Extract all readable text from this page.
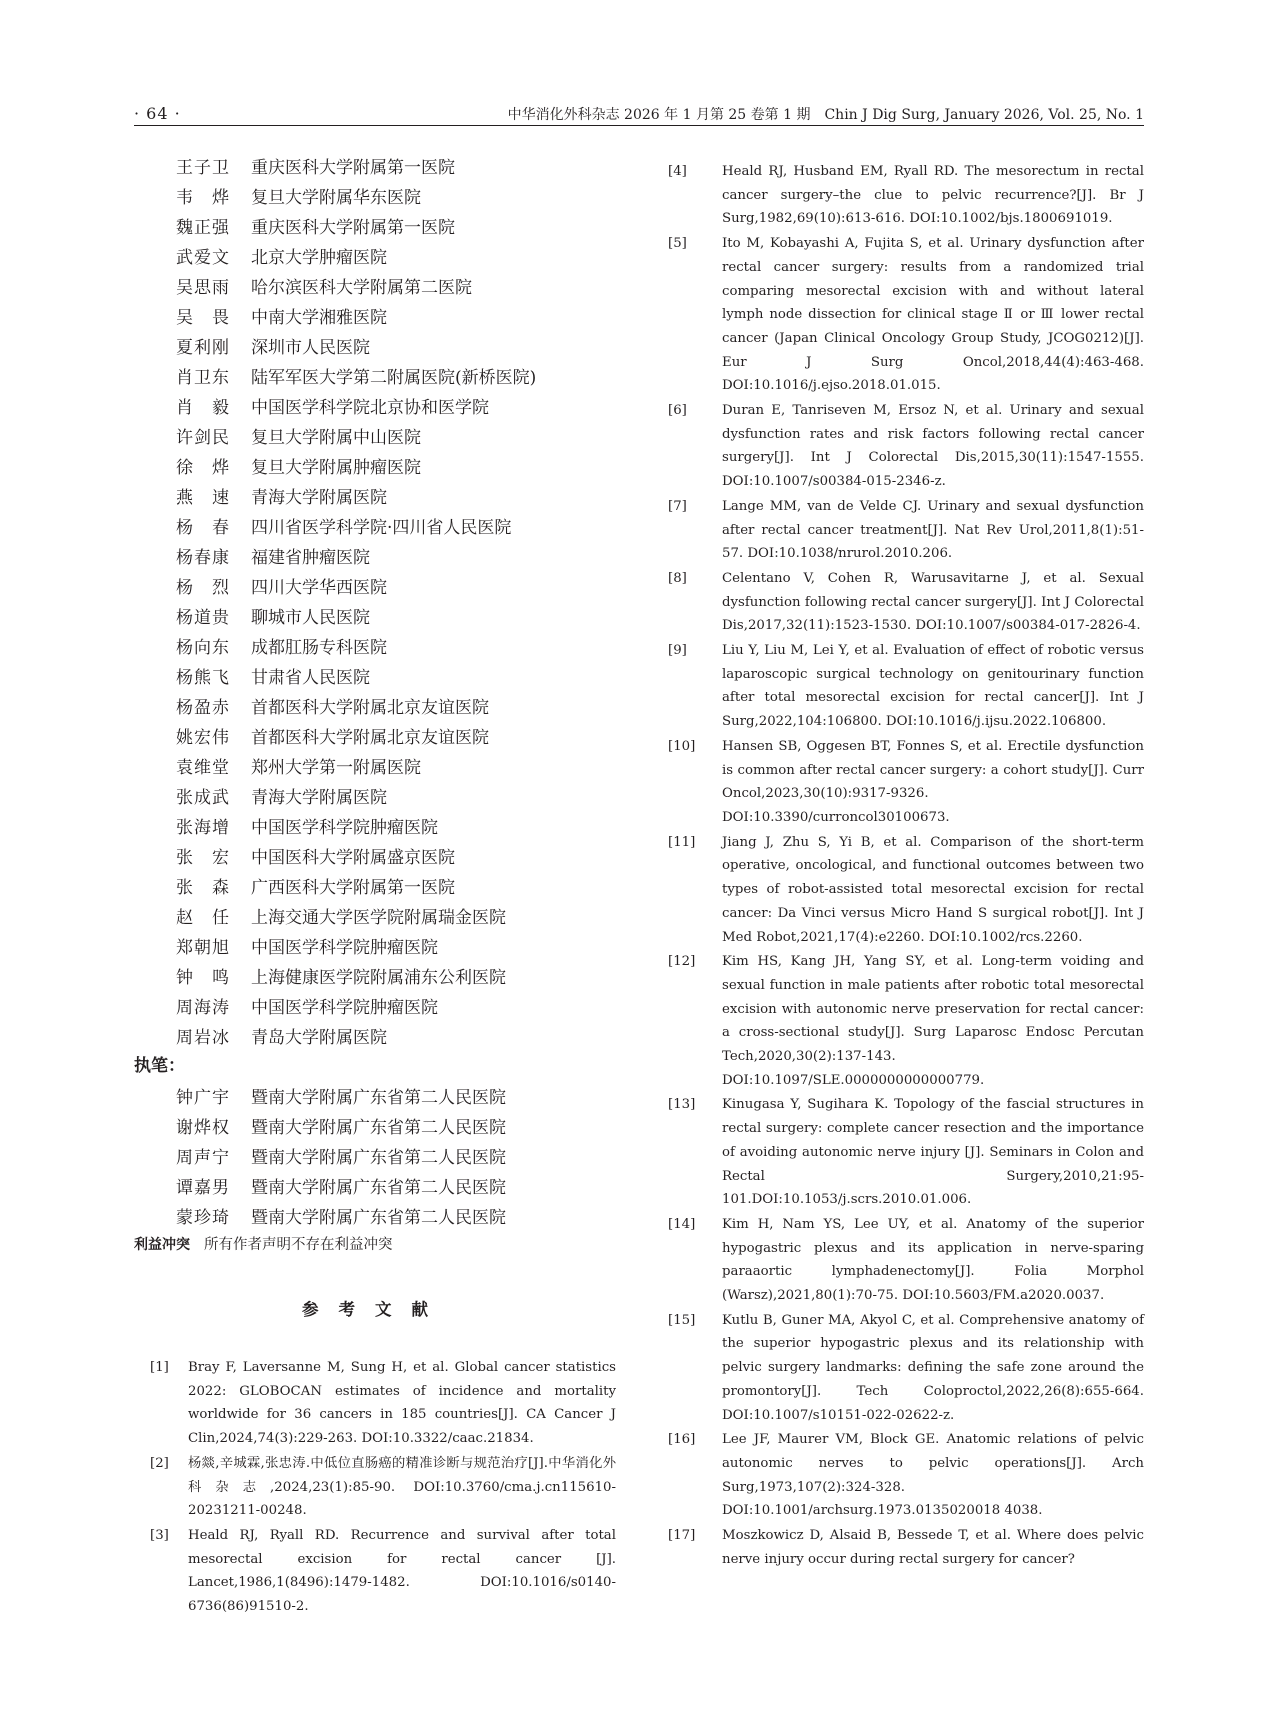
· 64 ·	中华消化外科杂志 2026 年 1 月第 25 卷第 1 期　Chin J Dig Surg, January 2026, Vol. 25, No. 1
王子卫	重庆医科大学附属第一医院
韦　烨	复旦大学附属华东医院
魏正强	重庆医科大学附属第一医院
武爱文	北京大学肿瘤医院
吴思雨	哈尔滨医科大学附属第二医院
吴　畏	中南大学湘雅医院
夏利刚	深圳市人民医院
肖卫东	陆军军医大学第二附属医院(新桥医院)
肖　毅	中国医学科学院北京协和医学院
许剑民	复旦大学附属中山医院
徐　烨	复旦大学附属肿瘤医院
燕　速	青海大学附属医院
杨　春	四川省医学科学院·四川省人民医院
杨春康	福建省肿瘤医院
杨　烈	四川大学华西医院
杨道贵	聊城市人民医院
杨向东	成都肛肠专科医院
杨熊飞	甘肃省人民医院
杨盈赤	首都医科大学附属北京友谊医院
姚宏伟	首都医科大学附属北京友谊医院
袁维堂	郑州大学第一附属医院
张成武	青海大学附属医院
张海增	中国医学科学院肿瘤医院
张　宏	中国医科大学附属盛京医院
张　森	广西医科大学附属第一医院
赵　任	上海交通大学医学院附属瑞金医院
郑朝旭	中国医学科学院肿瘤医院
钟　鸣	上海健康医学院附属浦东公利医院
周海涛	中国医学科学院肿瘤医院
周岩冰	青岛大学附属医院
执笔：
钟广宇	暨南大学附属广东省第二人民医院
谢烨权	暨南大学附属广东省第二人民医院
周声宁	暨南大学附属广东省第二人民医院
谭嘉男	暨南大学附属广东省第二人民医院
蒙珍琦	暨南大学附属广东省第二人民医院
利益冲突 所有作者声明不存在利益冲突
参考文献
[1]	Bray F, Laversanne M, Sung H, et al. Global cancer statistics 2022: GLOBOCAN estimates of incidence and mortality worldwide for 36 cancers in 185 countries[J]. CA Cancer J Clin,2024,74(3):229-263. DOI:10.3322/caac.21834.
[2]	杨燚,辛城霖,张忠涛.中低位直肠癌的精准诊断与规范治疗[J].中华消化外科杂志,2024,23(1):85-90. DOI:10.3760/cma.j.cn115610-20231211-00248.
[3]	Heald RJ, Ryall RD. Recurrence and survival after total mesorectal excision for rectal cancer [J]. Lancet,1986,1(8496):1479-1482. DOI:10.1016/s0140-6736(86)91510-2.
[4]	Heald RJ, Husband EM, Ryall RD. The mesorectum in rectal cancer surgery–the clue to pelvic recurrence?[J]. Br J Surg,1982,69(10):613-616. DOI:10.1002/bjs.1800691019.
[5]	Ito M, Kobayashi A, Fujita S, et al. Urinary dysfunction after rectal cancer surgery: results from a randomized trial comparing mesorectal excision with and without lateral lymph node dissection for clinical stage Ⅱ or Ⅲ lower rectal cancer (Japan Clinical Oncology Group Study, JCOG0212)[J]. Eur J Surg Oncol,2018,44(4):463-468. DOI:10.1016/j.ejso.2018.01.015.
[6]	Duran E, Tanriseven M, Ersoz N, et al. Urinary and sexual dysfunction rates and risk factors following rectal cancer surgery[J]. Int J Colorectal Dis,2015,30(11):1547-1555. DOI:10.1007/s00384-015-2346-z.
[7]	Lange MM, van de Velde CJ. Urinary and sexual dysfunction after rectal cancer treatment[J]. Nat Rev Urol,2011,8(1):51-57. DOI:10.1038/nrurol.2010.206.
[8]	Celentano V, Cohen R, Warusavitarne J, et al. Sexual dysfunction following rectal cancer surgery[J]. Int J Colorectal Dis,2017,32(11):1523-1530. DOI:10.1007/s00384-017-2826-4.
[9]	Liu Y, Liu M, Lei Y, et al. Evaluation of effect of robotic versus laparoscopic surgical technology on genitourinary function after total mesorectal excision for rectal cancer[J]. Int J Surg,2022,104:106800. DOI:10.1016/j.ijsu.2022.106800.
[10]	Hansen SB, Oggesen BT, Fonnes S, et al. Erectile dysfunction is common after rectal cancer surgery: a cohort study[J]. Curr Oncol,2023,30(10):9317-9326. DOI:10.3390/curroncol30100673.
[11]	Jiang J, Zhu S, Yi B, et al. Comparison of the short-term operative, oncological, and functional outcomes between two types of robot-assisted total mesorectal excision for rectal cancer: Da Vinci versus Micro Hand S surgical robot[J]. Int J Med Robot,2021,17(4):e2260. DOI:10.1002/rcs.2260.
[12]	Kim HS, Kang JH, Yang SY, et al. Long-term voiding and sexual function in male patients after robotic total mesorectal excision with autonomic nerve preservation for rectal cancer: a cross-sectional study[J]. Surg Laparosc Endosc Percutan Tech,2020,30(2):137-143. DOI:10.1097/SLE.0000000000000779.
[13]	Kinugasa Y, Sugihara K. Topology of the fascial structures in rectal surgery: complete cancer resection and the importance of avoiding autonomic nerve injury [J]. Seminars in Colon and Rectal Surgery,2010,21:95-101.DOI:10.1053/j.scrs.2010.01.006.
[14]	Kim H, Nam YS, Lee UY, et al. Anatomy of the superior hypogastric plexus and its application in nerve-sparing paraaortic lymphadenectomy[J]. Folia Morphol (Warsz),2021,80(1):70-75. DOI:10.5603/FM.a2020.0037.
[15]	Kutlu B, Guner MA, Akyol C, et al. Comprehensive anatomy of the superior hypogastric plexus and its relationship with pelvic surgery landmarks: defining the safe zone around the promontory[J]. Tech Coloproctol,2022,26(8):655-664. DOI:10.1007/s10151-022-02622-z.
[16]	Lee JF, Maurer VM, Block GE. Anatomic relations of pelvic autonomic nerves to pelvic operations[J]. Arch Surg,1973,107(2):324-328. DOI:10.1001/archsurg.1973.0135020018 4038.
[17]	Moszkowicz D, Alsaid B, Bessede T, et al. Where does pelvic nerve injury occur during rectal surgery for cancer?
